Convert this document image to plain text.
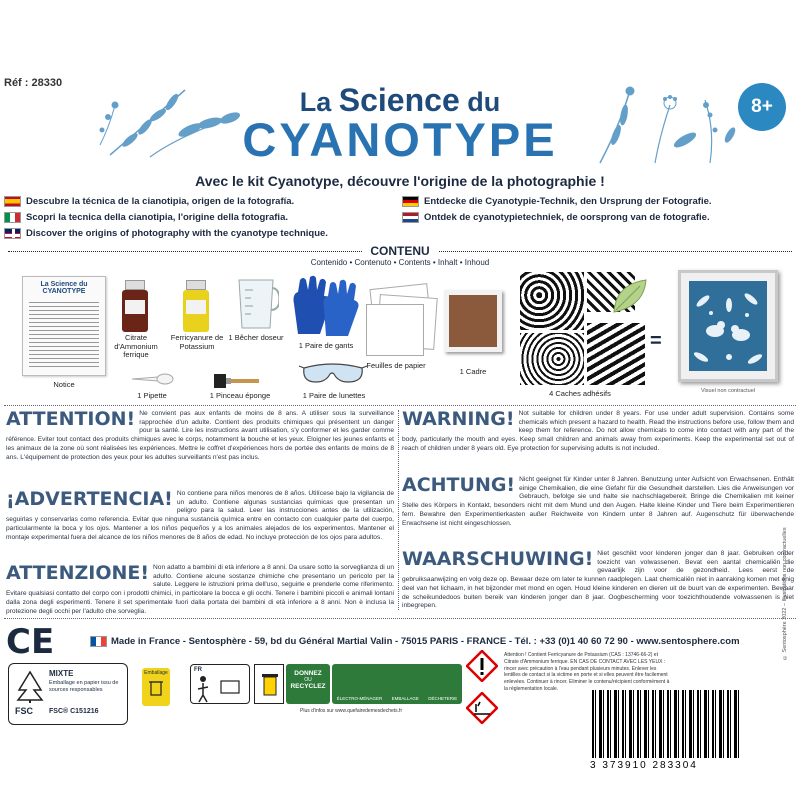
Réf : 28330
8+
La Science du
CYANOTYPE
Avec le kit Cyanotype, découvre l'origine de la photographie !
Descubre la técnica de la cianotipia, origen de la fotografía.
Scopri la tecnica della cianotipia, l'origine della fotografia.
Discover the origins of photography with the cyanotype technique.
Entdecke die Cyanotypie-Technik, den Ursprung der Fotografie.
Ontdek de cyanotypietechniek, de oorsprong van de fotografie.
CONTENU
Contenido • Contenuto • Contents • Inhalt • Inhoud
La Science du CYANOTYPE
Notice
Citrate d'Ammonium ferrique
Ferricyanure de Potassium
1 Bêcher doseur
1 Paire de gants
Feuilles de papier
1 Cadre
4 Caches adhésifs
=
Visuel non contractuel
1 Pipette	1 Pinceau éponge	1 Paire de lunettes
ATTENTION! Ne convient pas aux enfants de moins de 8 ans. A utiliser sous la surveillance rapprochée d'un adulte. Contient des produits chimiques qui présentent un danger pour la santé. Lire les instructions avant utilisation, s'y conformer et les garder comme référence. Eviter tout contact des produits chimiques avec le corps, notamment la bouche et les yeux. Eloigner les jeunes enfants et les animaux de la zone où sont réalisées les expériences. Mettre le coffret d'expériences hors de portée des enfants de moins de 8 ans. L'équipement de protection des yeux pour les adultes surveillants n'est pas inclus.
¡ADVERTENCIA! No contiene para niños menores de 8 años. Utilícese bajo la vigilancia de un adulto. Contiene algunas sustancias químicas que presentan un peligro para la salud. Leer las instrucciones antes de la utilización, seguirlas y conservarlas como referencia. Evitar que ninguna sustancia química entre en contacto con cualquier parte del cuerpo, particularmente la boca y los ojos. Mantener a los niños pequeños y a los animales alejados de los experimentos. Mantener el montaje experimental fuera del alcance de los niños menores de 8 años de edad. No incluye protección de los ojos para adultos.
ATTENZIONE! Non adatto a bambini di età inferiore a 8 anni. Da usare sotto la sorveglianza di un adulto. Contiene alcune sostanze chimiche che presentano un pericolo per la salute. Leggere le istruzioni prima dell'uso, seguirle e prenderle come riferimento. Evitare qualsiasi contatto del corpo con i prodotti chimici, in particolare la bocca e gli occhi. Tenere i bambini piccoli e animali lontani dalla zona degli esperimenti. Tenere il set sperimentale fuori dalla portata dei bambini di età inferiore a 8 anni. Non è inclusa la protezione degli occhi per l'adulto che sorveglia.
WARNING! Not suitable for children under 8 years. For use under adult supervision. Contains some chemicals which present a hazard to health. Read the instructions before use, follow them and keep them for reference. Do not allow chemicals to come into contact with any part of the body, particularly the mouth and eyes. Keep small children and animals away from experiments. Keep the experimental set out of reach of children under 8 years old. Eye protection for supervising adults is not included.
ACHTUNG! Nicht geeignet für Kinder unter 8 Jahren. Benutzung unter Aufsicht von Erwachsenen. Enthält einige Chemikalien, die eine Gefahr für die Gesundheit darstellen. Lies die Anweisungen vor Gebrauch, befolge sie und halte sie nachschlagebereit. Bringe die Chemikalien mit keiner Stelle des Körpers in Kontakt, besonders nicht mit dem Mund und den Augen. Halte kleine Kinder und Tiere beim Experimentieren fern. Bewahre den Experimentierkasten außer Reichweite von Kindern unter 8 Jahren auf. Augenschutz für überwachende Erwachsene ist nicht eingeschlossen.
WAARSCHUWING! Niet geschikt voor kinderen jonger dan 8 jaar. Gebruiken onder toezicht van volwassenen. Bevat een aantal chemicaliën die gevaarlijk zijn voor de gezondheid. Lees eerst de gebruiksaanwijzing en volg deze op. Bewaar deze om later te kunnen raadplegen. Laat chemicaliën niet in aanraking komen met enig deel van het lichaam, in het bijzonder met mond en ogen. Houd kleine kinderen en dieren uit de buurt van de experimenten. Bewaar de scheikundedoos buiten bereik van kinderen jonger dan 8 jaar. Oogbescherming voor toezichthoudende volwassenen is niet inbegrepen.
CE	Made in France - Sentosphère - 59, bd du Général Martial Valin - 75015 PARIS - FRANCE - Tél. : +33 (0)1 40 60 72 90 - www.sentosphere.com
FSC
MIXTE
Emballage en papier issu de sources responsables
FSC® C151216
Emballage	FR	DONNEZ
OU
RECYCLEZ
ÉLECTRO-MÉNAGER EMBALLAGE DÉCHETERIE
Plus d'infos sur www.quefairedemesdechets.fr
Attention ! Contient Ferricyanure de Potassium (CAS : 13746-66-2) et Citrate d'Ammonium ferrique. EN CAS DE CONTACT AVEC LES YEUX : rincer avec précaution à l'eau pendant plusieurs minutes. Enlever les lentilles de contact si la victime en porte et si elles peuvent être facilement enlevées. Continuer à rincer. Eliminer le contenu/récipient conformément à la réglementation locale.
3 373910 283304
© Sentosphère 2022 – Illustrations non contractuelles
